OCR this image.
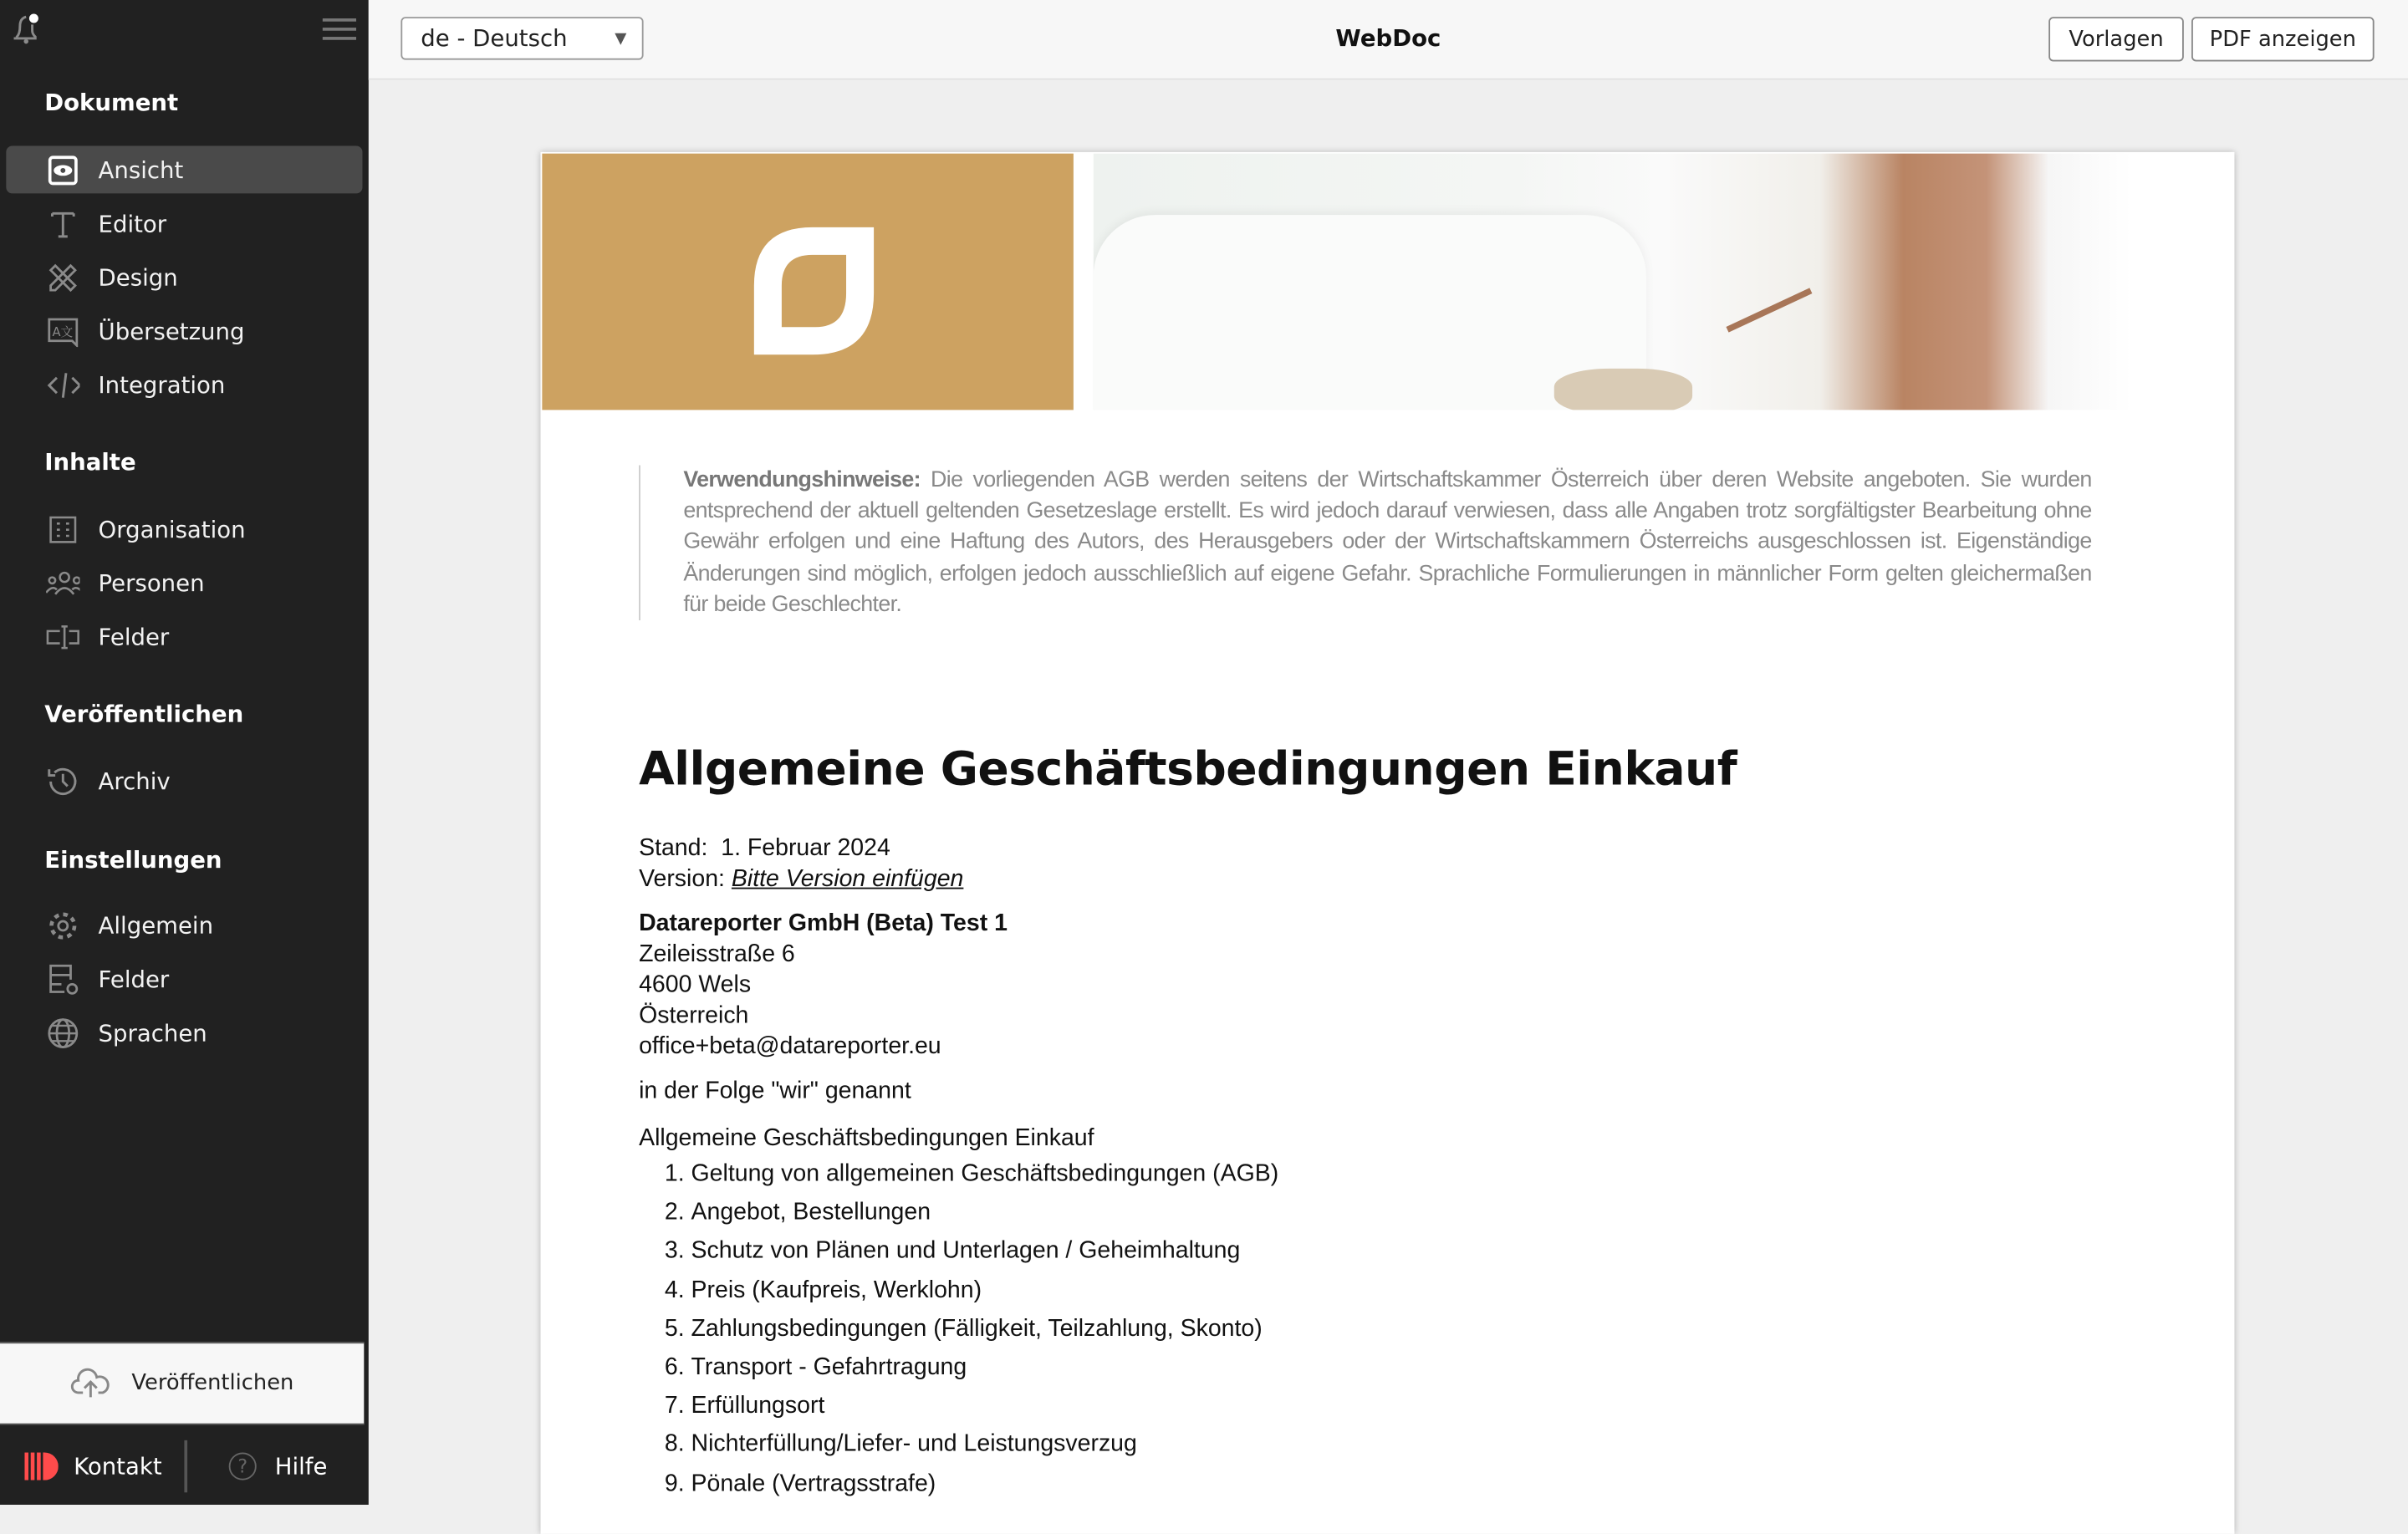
Dokument
Ansicht
Editor
Design
A文 Übersetzung
Integration
Inhalte
Organisation
Personen
Felder
Veröffentlichen
Archiv
Einstellungen
Allgemein
Felder
Sprachen
Veröffentlichen
Kontakt	?	Hilfe
de - Deutsch	▼	WebDoc	Vorlagen	PDF anzeigen
Verwendungshinweise: Die vorliegenden AGB werden seitens der Wirtschaftskammer Österreich über deren Website angeboten. Sie wurden entsprechend der aktuell geltenden Gesetzeslage erstellt. Es wird jedoch darauf verwiesen, dass alle Angaben trotz sorgfältigster Bearbeitung ohne Gewähr erfolgen und eine Haftung des Autors, des Herausgebers oder der Wirtschaftskammern Österreichs ausgeschlossen ist. Eigenständige Änderungen sind möglich, erfolgen jedoch ausschließlich auf eigene Gefahr. Sprachliche Formulierungen in männlicher Form gelten gleichermaßen für beide Geschlechter.
Allgemeine Geschäftsbedingungen Einkauf
Stand: 1. Februar 2024
Version: Bitte Version einfügen
Datareporter GmbH (Beta) Test 1
Zeileisstraße 6
4600 Wels
Österreich
office+beta@datareporter.eu
in der Folge "wir" genannt
Allgemeine Geschäftsbedingungen Einkauf
1. Geltung von allgemeinen Geschäftsbedingungen (AGB)
2. Angebot, Bestellungen
3. Schutz von Plänen und Unterlagen / Geheimhaltung
4. Preis (Kaufpreis, Werklohn)
5. Zahlungsbedingungen (Fälligkeit, Teilzahlung, Skonto)
6. Transport - Gefahrtragung
7. Erfüllungsort
8. Nichterfüllung/Liefer- und Leistungsverzug
9. Pönale (Vertragsstrafe)
